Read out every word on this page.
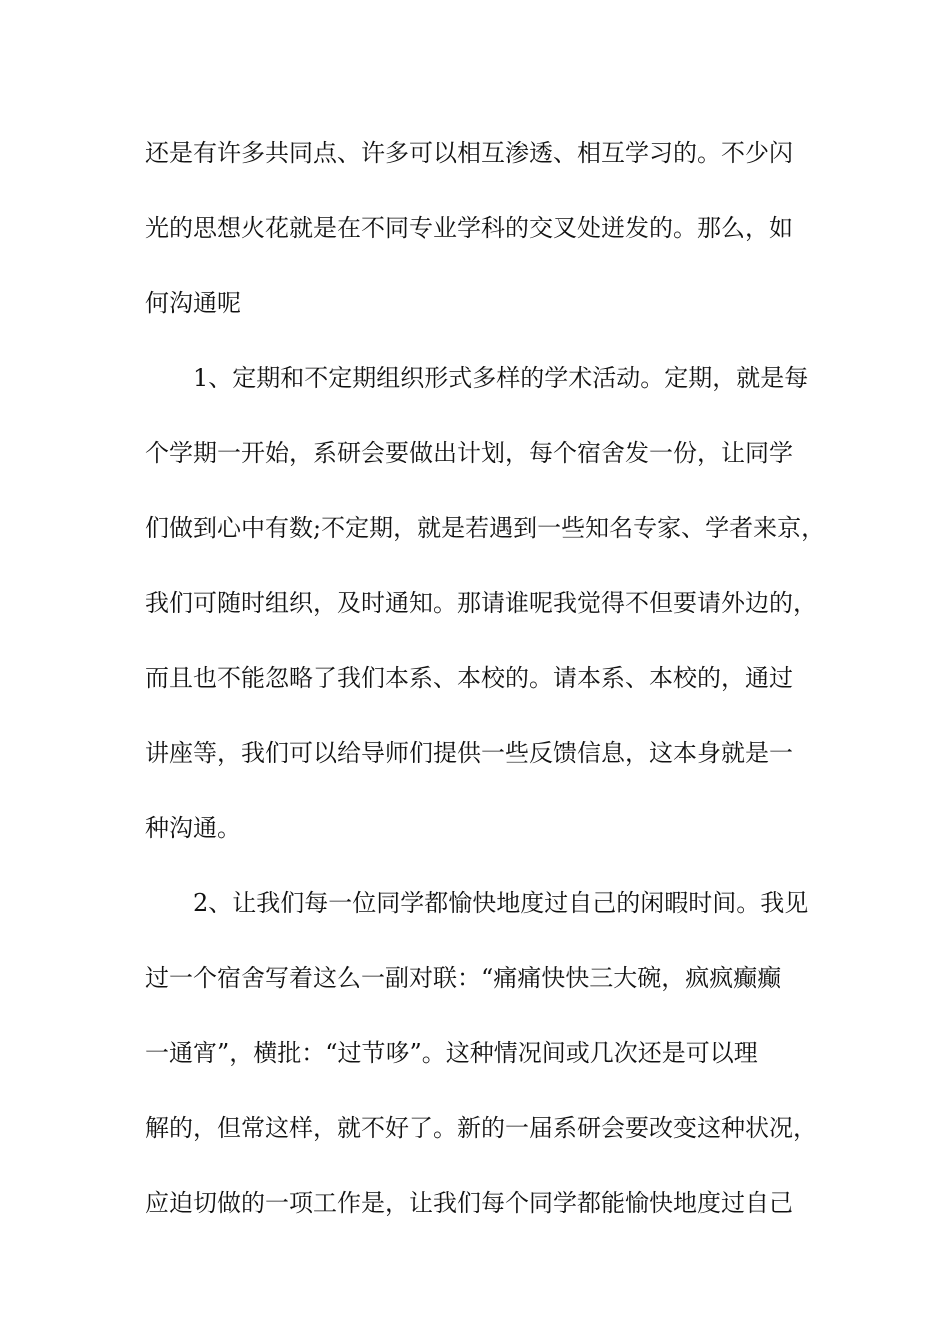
还是有许多共同点、许多可以相互渗透、相互学习的。不少闪
光的思想火花就是在不同专业学科的交叉处迸发的。那么，如
何沟通呢
1、定期和不定期组织形式多样的学术活动。定期，就是每
个学期一开始，系研会要做出计划，每个宿舍发一份，让同学
们做到心中有数;不定期，就是若遇到一些知名专家、学者来京，
我们可随时组织，及时通知。那请谁呢我觉得不但要请外边的，
而且也不能忽略了我们本系、本校的。请本系、本校的，通过
讲座等，我们可以给导师们提供一些反馈信息，这本身就是一
种沟通。
2、让我们每一位同学都愉快地度过自己的闲暇时间。我见
过一个宿舍写着这么一副对联：“痛痛快快三大碗，疯疯癫癫
一通宵”，横批：“过节哆”。这种情况间或几次还是可以理
解的，但常这样，就不好了。新的一届系研会要改变这种状况，
应迫切做的一项工作是，让我们每个同学都能愉快地度过自己
